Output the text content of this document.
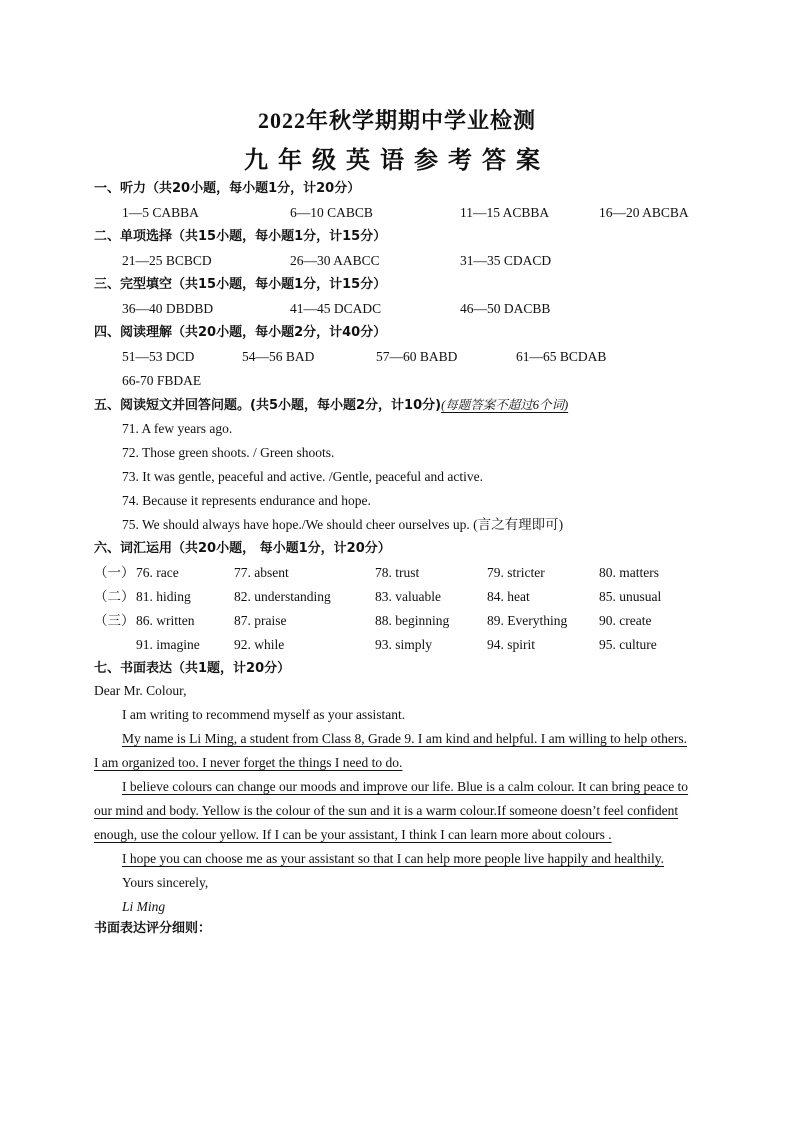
2022年秋学期期中学业检测
九年级英语参考答案
一、听力（共20小题，每小题1分，计20分）
1—5 CABBA	6—10 CABCB	11—15 ACBBA	16—20 ABCBA
二、单项选择（共15小题，每小题1分，计15分）
21—25 BCBCD	26—30 AABCC	31—35 CDACD
三、完型填空（共15小题，每小题1分，计15分）
36—40 DBDBD	41—45 DCADC	46—50 DACBB
四、阅读理解（共20小题，每小题2分，计40分）
51—53 DCD	54—56 BAD	57—60 BABD	61—65 BCDAB
66-70 FBDAE
五、阅读短文并回答问题。(共5小题，每小题2分，计10分)(每题答案不超过6个词)
71. A few years ago.
72. Those green shoots. / Green shoots.
73. It was gentle, peaceful and active. /Gentle, peaceful and active.
74. Because it represents endurance and hope.
75. We should always have hope./We should cheer ourselves up. (言之有理即可)
六、词汇运用（共20小题， 每小题1分，计20分）
（一） 76. race	77. absent	78. trust	79. stricter	80. matters
（二） 81. hiding	82. understanding	83. valuable	84. heat	85. unusual
（三） 86. written	87. praise	88. beginning	89. Everything 90. create
91. imagine	92. while	93. simply	94. spirit	95. culture
七、书面表达（共1题，计20分）
Dear Mr. Colour,
I am writing to recommend myself as your assistant.
My name is Li Ming, a student from Class 8, Grade 9. I am kind and helpful. I am willing to help others.
I am organized too. I never forget the things I need to do.
I believe colours can change our moods and improve our life. Blue is a calm colour. It can bring peace to
our mind and body. Yellow is the colour of the sun and it is a warm colour.If someone doesn’t feel confident
enough, use the colour yellow. If I can be your assistant, I think I can learn more about colours .
I hope you can choose me as your assistant so that I can help more people live happily and healthily.
Yours sincerely,
Li Ming
书面表达评分细则：
